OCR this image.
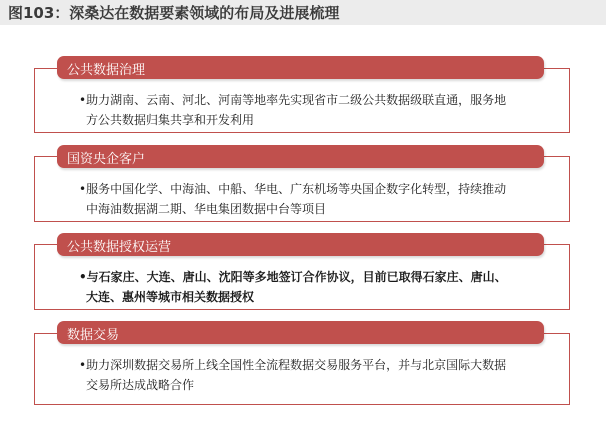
图103：深桑达在数据要素领域的布局及进展梳理
公共数据治理
•助力湖南、云南、河北、河南等地率先实现省市二级公共数据级联直通，服务地
方公共数据归集共享和开发利用
国资央企客户
•服务中国化学、中海油、中船、华电、广东机场等央国企数字化转型，持续推动
中海油数据湖二期、华电集团数据中台等项目
公共数据授权运营
•与石家庄、大连、唐山、沈阳等多地签订合作协议，目前已取得石家庄、唐山、
大连、惠州等城市相关数据授权
数据交易
•助力深圳数据交易所上线全国性全流程数据交易服务平台，并与北京国际大数据
交易所达成战略合作
